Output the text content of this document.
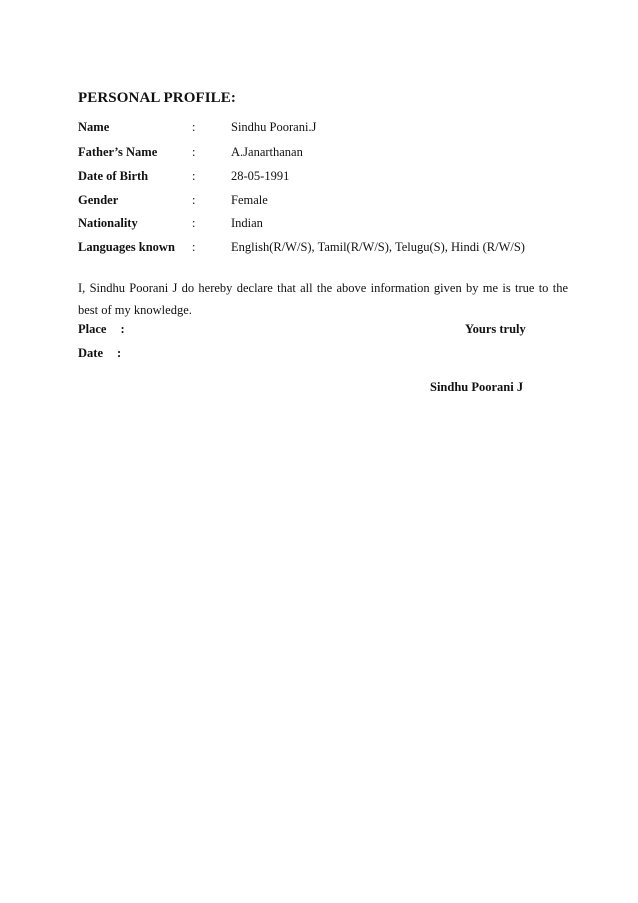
PERSONAL PROFILE:
Name	:	Sindhu Poorani.J
Father’s Name	:	A.Janarthanan
Date of Birth	:	28-05-1991
Gender	:	Female
Nationality	:	Indian
Languages known :	English(R/W/S), Tamil(R/W/S), Telugu(S), Hindi (R/W/S)
I, Sindhu Poorani J do hereby declare that all the above information given by me is true to the best of my knowledge.
Place :
Date :
Yours truly
Sindhu Poorani J
